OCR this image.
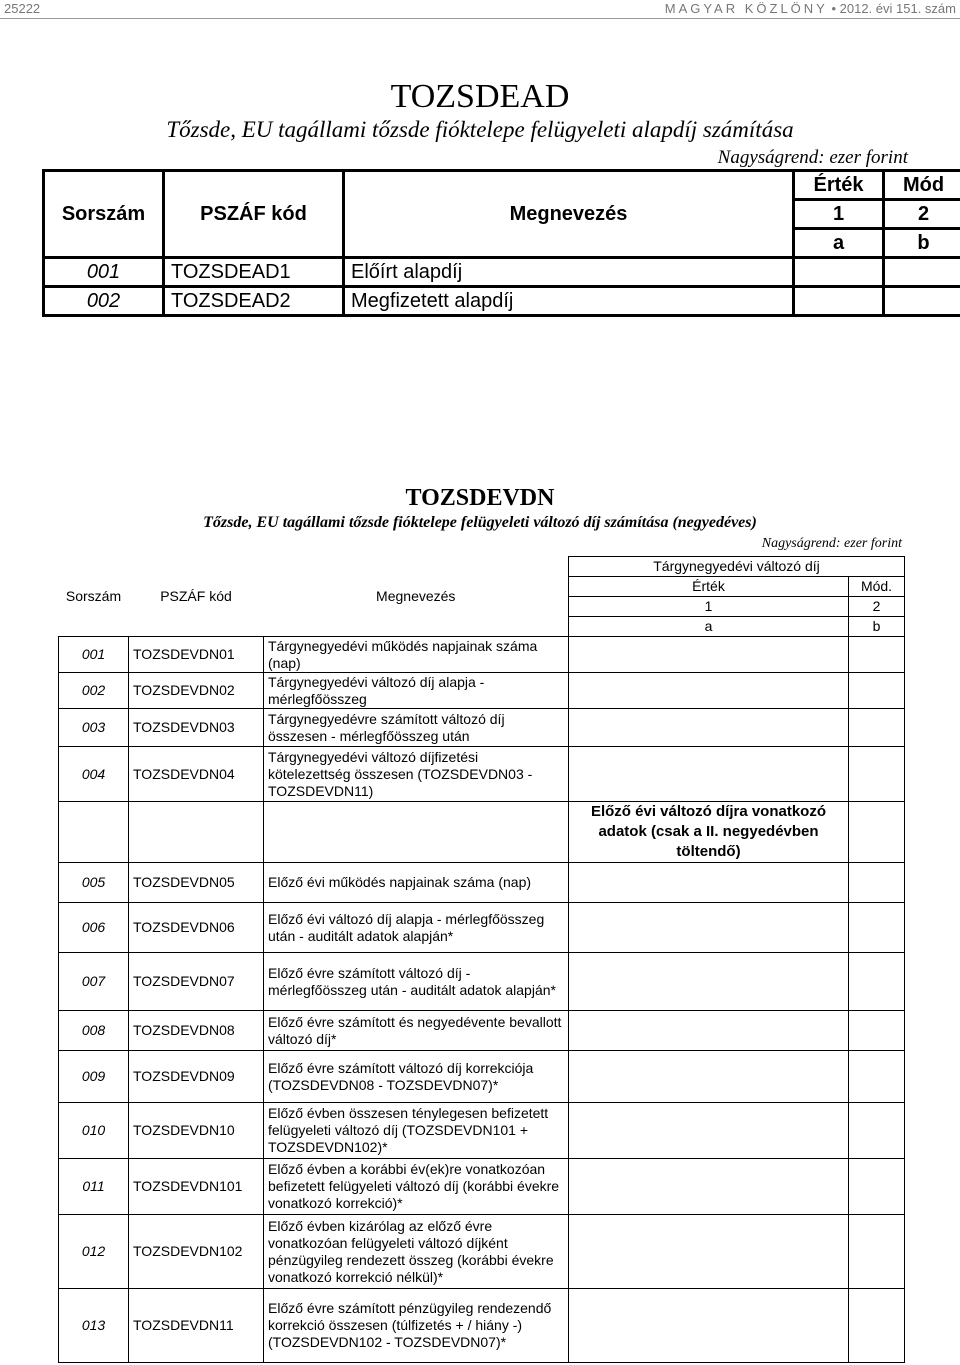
25222	MAGYAR KÖZLÖNY • 2012. évi 151. szám
TOZSDEAD
Tőzsde, EU tagállami tőzsde fióktelepe felügyeleti alapdíj számítása
Nagyságrend: ezer forint
Sorszám	PSZÁF kód	Megnevezés	Érték	Mód
			1	2
			a	b
001	TOZSDEAD1	Előírt alapdíj		
002	TOZSDEAD2	Megfizetett alapdíj		
TOZSDEVDN
Tőzsde, EU tagállami tőzsde fióktelepe felügyeleti változó díj számítása (negyedéves)
Nagyságrend: ezer forint
Sorszám	PSZÁF kód	Megnevezés	Tárgynegyedévi változó díj	
			Érték	Mód.
			1	2
			a	b
001	TOZSDEVDN01	Tárgynegyedévi működés napjainak száma (nap)		
002	TOZSDEVDN02	Tárgynegyedévi változó díj alapja - mérlegfőösszeg		
003	TOZSDEVDN03	Tárgynegyedévre számított változó díj összesen - mérlegfőösszeg után		
004	TOZSDEVDN04	Tárgynegyedévi változó díjfizetési kötelezettség összesen (TOZSDEVDN03 - TOZSDEVDN11)		
			Előző évi változó díjra vonatkozó adatok (csak a II. negyedévben töltendő)	
005	TOZSDEVDN05	Előző évi működés napjainak száma (nap)		
006	TOZSDEVDN06	Előző évi változó díj alapja - mérlegfőösszeg után - auditált adatok alapján*		
007	TOZSDEVDN07	Előző évre számított változó díj - mérlegfőösszeg után - auditált adatok alapján*		
008	TOZSDEVDN08	Előző évre számított és negyedévente bevallott változó díj*		
009	TOZSDEVDN09	Előző évre számított változó díj korrekciója (TOZSDEVDN08 - TOZSDEVDN07)*		
010	TOZSDEVDN10	Előző évben összesen ténylegesen befizetett felügyeleti változó díj (TOZSDEVDN101 + TOZSDEVDN102)*		
011	TOZSDEVDN101	Előző évben a korábbi év(ek)re vonatkozóan befizetett felügyeleti változó díj (korábbi évekre vonatkozó korrekció)*		
012	TOZSDEVDN102	Előző évben kizárólag az előző évre vonatkozóan felügyeleti változó díjként pénzügyileg rendezett összeg (korábbi évekre vonatkozó korrekció nélkül)*		
013	TOZSDEVDN11	Előző évre számított pénzügyileg rendezendő korrekció összesen (túlfizetés + / hiány -) (TOZSDEVDN102 - TOZSDEVDN07)*		
